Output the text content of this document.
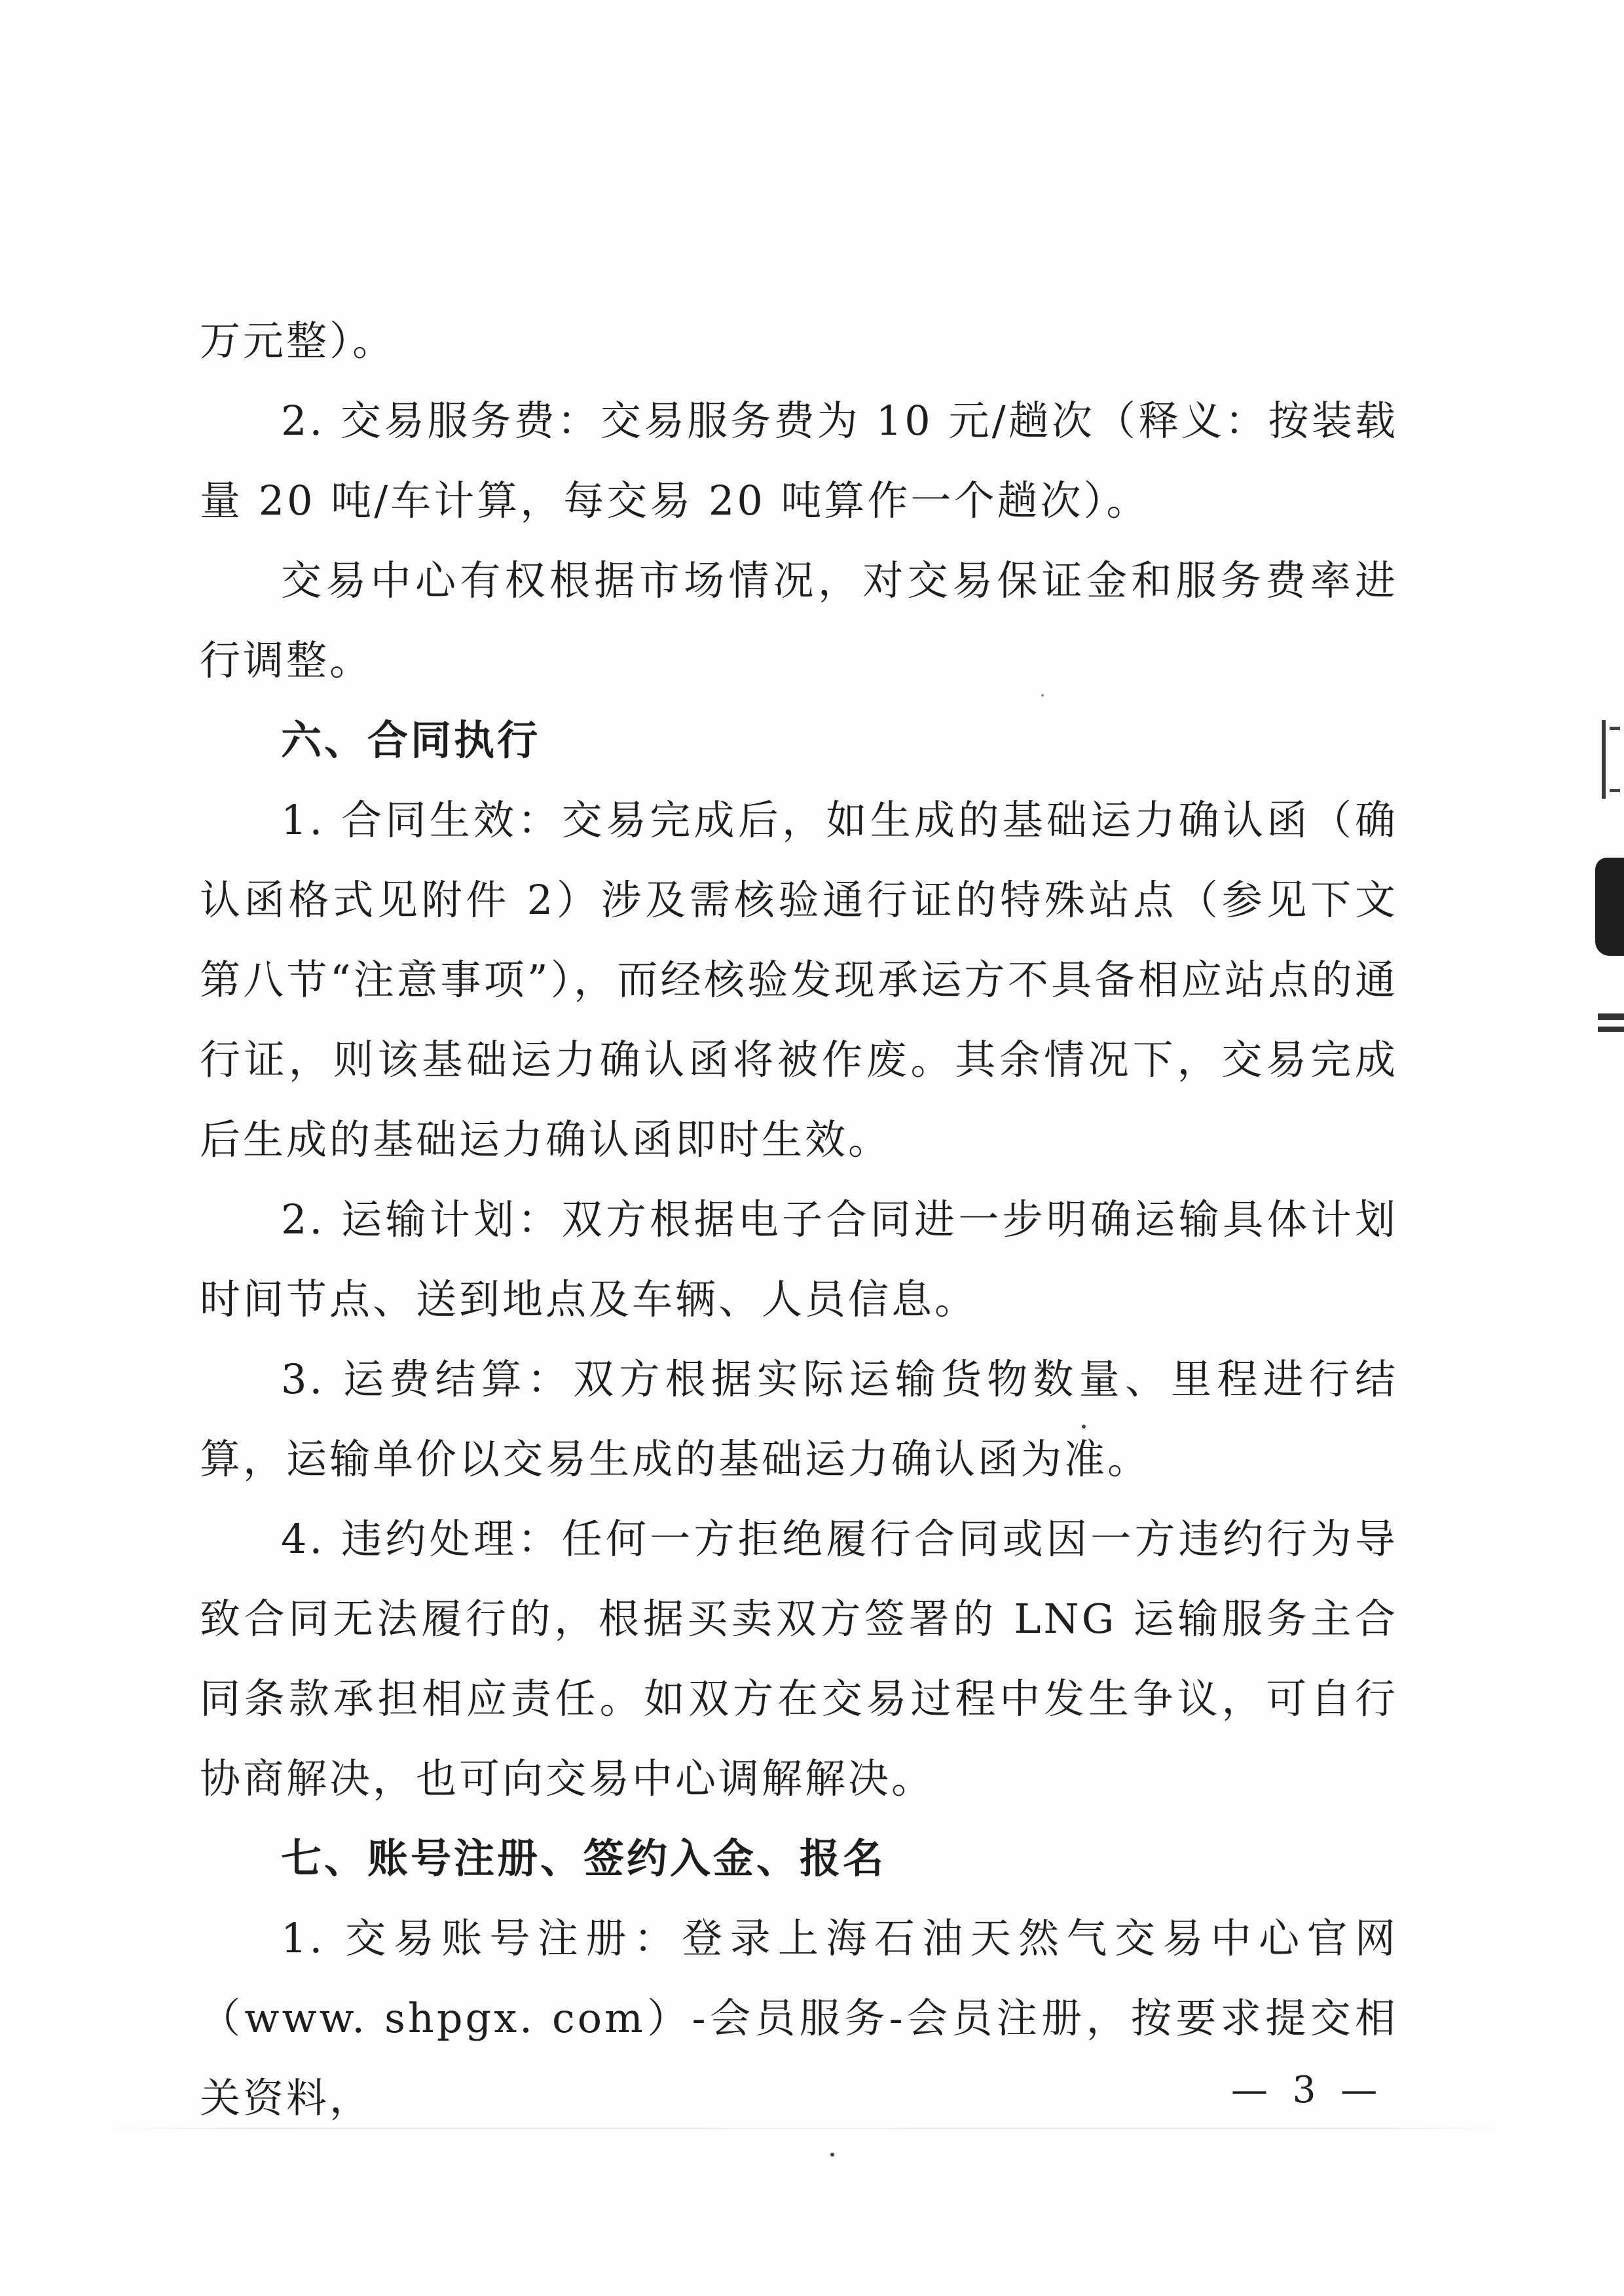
万元整）。

2. 交易服务费：交易服务费为 10 元/趟次（释义：按装载量 20 吨/车计算，每交易 20 吨算作一个趟次）。

交易中心有权根据市场情况，对交易保证金和服务费率进行调整。

六、合同执行

1. 合同生效：交易完成后，如生成的基础运力确认函（确认函格式见附件 2）涉及需核验通行证的特殊站点（参见下文第八节“注意事项”），而经核验发现承运方不具备相应站点的通行证，则该基础运力确认函将被作废。其余情况下，交易完成后生成的基础运力确认函即时生效。

2. 运输计划：双方根据电子合同进一步明确运输具体计划时间节点、送到地点及车辆、人员信息。

3. 运费结算：双方根据实际运输货物数量、里程进行结算，运输单价以交易生成的基础运力确认函为准。

4. 违约处理：任何一方拒绝履行合同或因一方违约行为导致合同无法履行的，根据买卖双方签署的 LNG 运输服务主合同条款承担相应责任。如双方在交易过程中发生争议，可自行协商解决，也可向交易中心调解解决。

七、账号注册、签约入金、报名

1. 交易账号注册：登录上海石油天然气交易中心官网（www. shpgx. com）-会员服务-会员注册，按要求提交相关资料，	— 3 —
